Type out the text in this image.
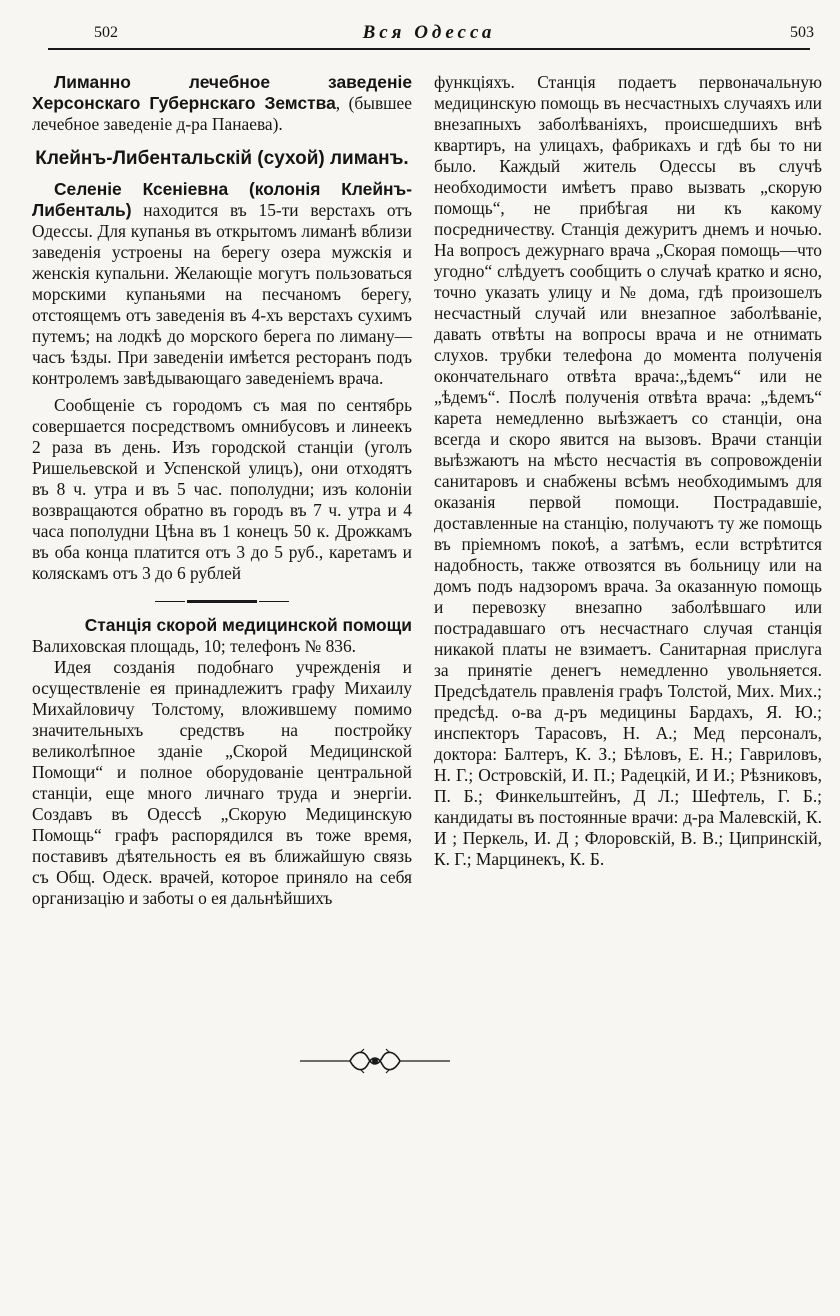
502	Вся Одесса	503

Лиманно лечебное заведеніе Херсонскаго Губернскаго Земства, (бывшее лечебное заведеніе д-ра Панаева).

Клейнъ-Либентальскій (сухой) лиманъ.

Селеніе Ксеніевна (колонія Клейнъ-Либенталь) находится въ 15-ти верстахъ отъ Одессы. Для купанья въ открытомъ лиманѣ вблизи заведенія устроены на берегу озера мужскія и женскія купальни. Желающіе могутъ пользоваться морскими купаньями на песчаномъ берегу, отстоящемъ отъ заведенія въ 4-хъ верстахъ сухимъ путемъ; на лодкѣ до морского берега по лиману—часъ ѣзды. При заведеніи имѣется ресторанъ подъ контролемъ завѣдывающаго заведеніемъ врача.

Сообщеніе съ городомъ съ мая по сентябрь совершается посредствомъ омнибусовъ и линеекъ 2 раза въ день. Изъ городской станціи (уголъ Ришельевской и Успенской улицъ), они отходятъ въ 8 ч. утра и въ 5 час. пополудни; изъ колоніи возвращаются обратно въ городъ въ 7 ч. утра и 4 часа пополудни Цѣна въ 1 конецъ 50 к. Дрожкамъ въ оба конца платится отъ 3 до 5 руб., каретамъ и коляскамъ отъ 3 до 6 рублей

Станція скорой медицинской помощи

Валиховская площадь, 10; телефонъ № 836.

Идея созданія подобнаго учрежденія и осуществленіе ея принадлежитъ графу Михаилу Михайловичу Толстому, вложившему помимо значительныхъ средствъ на постройку великолѣпное зданіе „Скорой Медицинской Помощи“ и полное оборудованіе центральной станціи, еще много личнаго труда и энергіи. Создавъ въ Одессѣ „Скорую Медицинскую Помощь“ графъ распорядился въ тоже время, поставивъ дѣятельность ея въ ближайшую связь съ Общ. Одеск. врачей, которое приняло на себя организацію и заботы о ея дальнѣйшихъ

функціяхъ. Станція подаетъ первоначальную медицинскую помощь въ несчастныхъ случаяхъ или внезапныхъ заболѣваніяхъ, происшедшихъ внѣ квартиръ, на улицахъ, фабрикахъ и гдѣ бы то ни было. Каждый житель Одессы въ случѣ необходимости имѣетъ право вызвать „скорую помощь“, не прибѣгая ни къ какому посредничеству. Станція дежуритъ днемъ и ночью. На вопросъ дежурнаго врача „Скорая помощь—что угодно“ слѣдуетъ сообщить о случаѣ кратко и ясно, точно указать улицу и № дома, гдѣ произошелъ несчастный случай или внезапное заболѣваніе, давать отвѣты на вопросы врача и не отнимать слухов. трубки телефона до момента полученія окончательнаго отвѣта врача:„ѣдемъ“ или не „ѣдемъ“. Послѣ полученія отвѣта врача: „ѣдемъ“ карета немедленно выѣзжаетъ со станціи, она всегда и скоро явится на вызовъ. Врачи станціи выѣзжаютъ на мѣсто несчастія въ сопровожденіи санитаровъ и снабжены всѣмъ необходимымъ для оказанія первой помощи. Пострадавшіе, доставленные на станцію, получаютъ ту же помощь въ пріемномъ покоѣ, а затѣмъ, если встрѣтится надобность, также отвозятся въ больницу или на домъ подъ надзоромъ врача. За оказанную помощь и перевозку внезапно заболѣвшаго или пострадавшаго отъ несчастнаго случая станція никакой платы не взимаетъ. Санитарная прислуга за принятіе денегъ немедленно увольняется. Предсѣдатель правленія графъ Толстой, Мих. Мих.; предсѣд. о-ва д-ръ медицины Бардахъ, Я. Ю.; инспекторъ Тарасовъ, Н. А.; Мед персоналъ, доктора: Балтеръ, К. З.; Бѣловъ, Е. Н.; Гавриловъ, Н. Г.; Островскій, И. П.; Радецкій, И И.; Рѣзниковъ, П. Б.; Финкельштейнъ, Д Л.; Шефтель, Г. Б.; кандидаты въ постоянные врачи: д-ра Малевскій, К. И ; Перкель, И. Д ; Флоровскій, В. В.; Ципринскій, К. Г.; Марцинекъ, К. Б.
